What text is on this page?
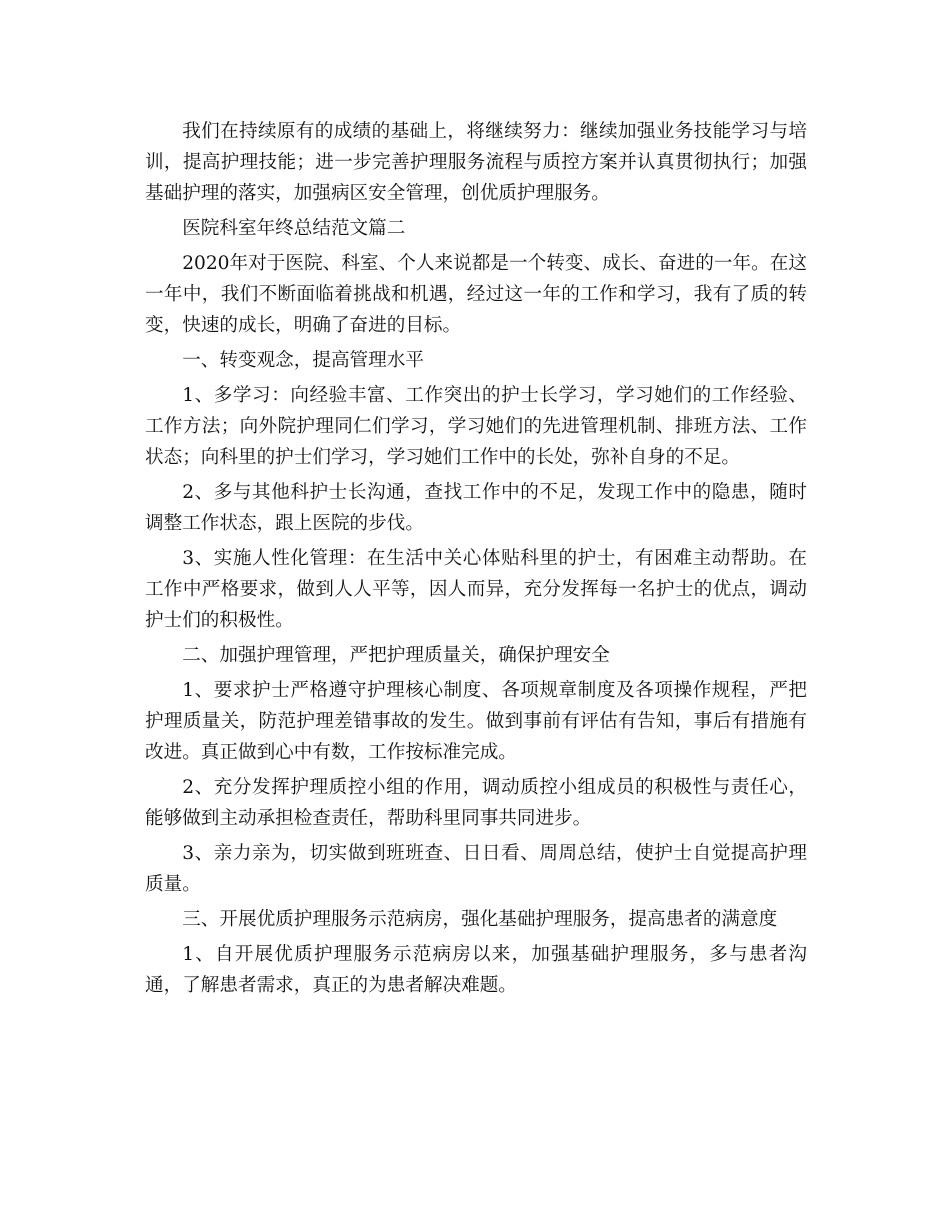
我们在持续原有的成绩的基础上，将继续努力：继续加强业务技能学习与培训，提高护理技能；进一步完善护理服务流程与质控方案并认真贯彻执行；加强基础护理的落实，加强病区安全管理，创优质护理服务。

医院科室年终总结范文篇二

2020年对于医院、科室、个人来说都是一个转变、成长、奋进的一年。在这一年中，我们不断面临着挑战和机遇，经过这一年的工作和学习，我有了质的转变，快速的成长，明确了奋进的目标。

一、转变观念，提高管理水平

1、多学习：向经验丰富、工作突出的护士长学习，学习她们的工作经验、工作方法；向外院护理同仁们学习，学习她们的先进管理机制、排班方法、工作状态；向科里的护士们学习，学习她们工作中的长处，弥补自身的不足。

2、多与其他科护士长沟通，查找工作中的不足，发现工作中的隐患，随时调整工作状态，跟上医院的步伐。

3、实施人性化管理：在生活中关心体贴科里的护士，有困难主动帮助。在工作中严格要求，做到人人平等，因人而异，充分发挥每一名护士的优点，调动护士们的积极性。

二、加强护理管理，严把护理质量关，确保护理安全

1、要求护士严格遵守护理核心制度、各项规章制度及各项操作规程，严把护理质量关，防范护理差错事故的发生。做到事前有评估有告知，事后有措施有改进。真正做到心中有数，工作按标准完成。

2、充分发挥护理质控小组的作用，调动质控小组成员的积极性与责任心，能够做到主动承担检查责任，帮助科里同事共同进步。

3、亲力亲为，切实做到班班查、日日看、周周总结，使护士自觉提高护理质量。

三、开展优质护理服务示范病房，强化基础护理服务，提高患者的满意度

1、自开展优质护理服务示范病房以来，加强基础护理服务，多与患者沟通，了解患者需求，真正的为患者解决难题。
